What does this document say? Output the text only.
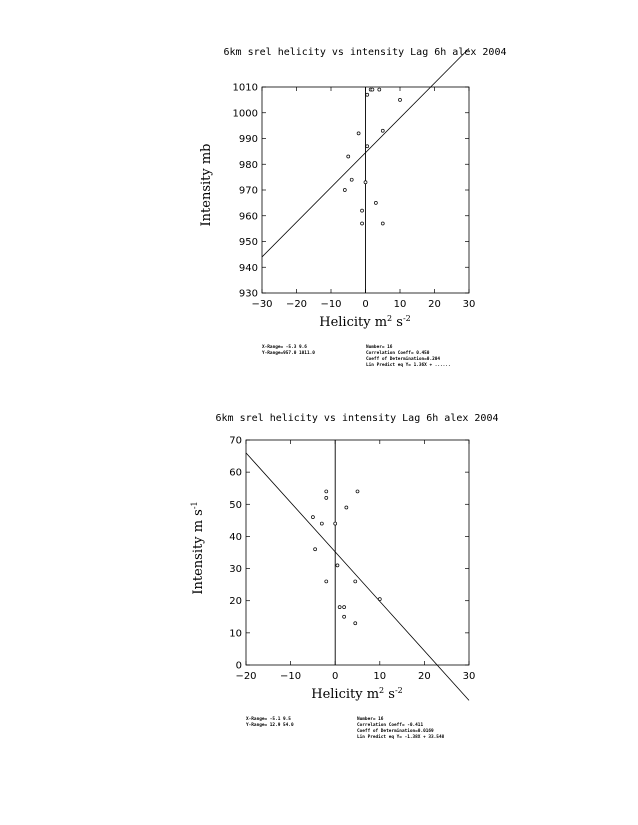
6km srel helicity vs intensity Lag 6h alex 2004
−30 −20 −10 0 10 20 30
930
940
950
960
970
980
990
1000
1010
Helicity $m^2$ $s^{-2}$
Intensity mb
X-Range= -5.3 9.6
Y-Range=957.0 1011.0
Number= 16
Correlation Coeff= 0.450
Coeff of Determination=0.204
Lin Predict eq Y= 1.36X + ......
6km srel helicity vs intensity Lag 6h alex 2004
−20 −10	0	10	20	30
0
10
20
30
40
50
60
70
Helicity $m^2$ $s^{-2}$
Intensity m $s^{-1}$
X-Range= -5.1 9.5
Y-Range= 12.9 54.0
Number= 16
Correlation Coeff= -0.411
Coeff of Determination=0.0169
Lin Predict eq Y= -1.38X + 33.548
